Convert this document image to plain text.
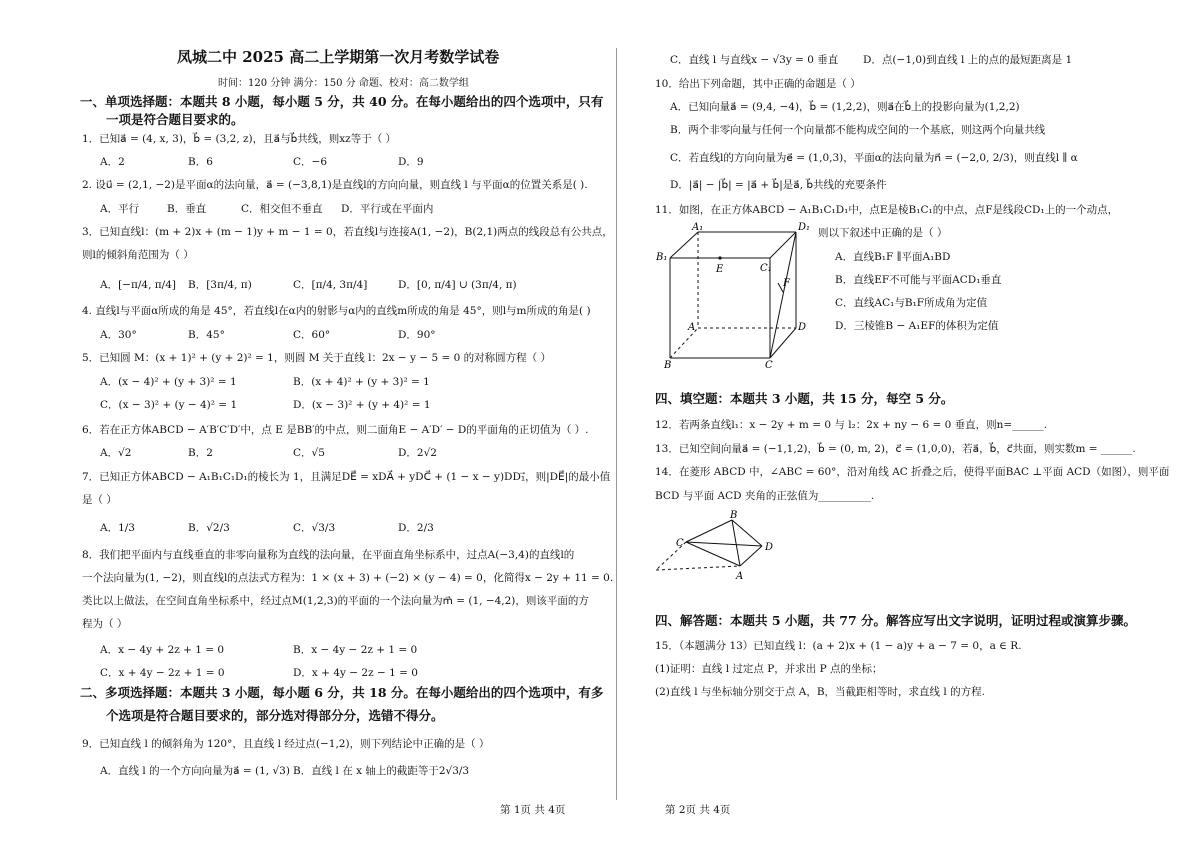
凤城二中 2025 高二上学期第一次月考数学试卷
时间：120 分钟 满分：150 分 命题、校对：高二数学组
一、单项选择题：本题共 8 小题，每小题 5 分，共 40 分。在每小题给出的四个选项中，只有
一项是符合题目要求的。
1．已知a⃗ = (4, x, 3)，b⃗ = (3,2, z)，且a⃗与b⃗共线，则xz等于（ ）
A．2	B．6	C．−6	D．9
2. 设u⃗ = (2,1, −2)是平面α的法向量，a⃗ = (−3,8,1)是直线l的方向向量，则直线 l 与平面α的位置关系是( ).
A．平行	B．垂直	C．相交但不垂直 D．平行或在平面内
3．已知直线l：(m + 2)x + (m − 1)y + m − 1 = 0，若直线l与连接A(1, −2)，B(2,1)两点的线段总有公共点，
则l的倾斜角范围为（ ）
A．[−π/4, π/4] B．[3π/4, π)	C．[π/4, 3π/4]	D．[0, π/4] ∪ (3π/4, π)
4. 直线l与平面α所成的角是 45°，若直线l在α内的射影与α内的直线m所成的角是 45°，则l与m所成的角是( )
A．30°	B．45°	C．60°	D．90°
5．已知圆 M：(x + 1)² + (y + 2)² = 1，则圆 M 关于直线 l：2x − y − 5 = 0 的对称圆方程（ ）
A．(x − 4)² + (y + 3)² = 1	B．(x + 4)² + (y + 3)² = 1
C．(x − 3)² + (y − 4)² = 1	D．(x − 3)² + (y + 4)² = 1
6．若在正方体ABCD − A′B′C′D′中，点 E 是BB′的中点，则二面角E − A′D′ − D的平面角的正切值为（ ）.
A．√2	B．2	C．√5	D．2√2
7．已知正方体ABCD − A₁B₁C₁D₁的棱长为 1，且满足DE⃗ = xDA⃗ + yDC⃗ + (1 − x − y)DD₁⃗，则|DE⃗|的最小值
是（ ）
A．1/3	B．√2/3	C．√3/3	D．2/3
8．我们把平面内与直线垂直的非零向量称为直线的法向量，在平面直角坐标系中，过点A(−3,4)的直线l的
一个法向量为(1, −2)，则直线l的点法式方程为：1 × (x + 3) + (−2) × (y − 4) = 0，化简得x − 2y + 11 = 0.
类比以上做法，在空间直角坐标系中，经过点M(1,2,3)的平面的一个法向量为m⃗ = (1, −4,2)，则该平面的方
程为（ ）
A．x − 4y + 2z + 1 = 0	B．x − 4y − 2z + 1 = 0
C．x + 4y − 2z + 1 = 0	D．x + 4y − 2z − 1 = 0
二、多项选择题：本题共 3 小题，每小题 6 分，共 18 分。在每小题给出的四个选项中，有多
个选项是符合题目要求的，部分选对得部分分，选错不得分。
9．已知直线 l 的倾斜角为 120°，且直线 l 经过点(−1,2)，则下列结论中正确的是（ ）
A．直线 l 的一个方向向量为a⃗ = (1, √3) B．直线 l 在 x 轴上的截距等于2√3/3
第 1页 共 4页
C．直线 l 与直线x − √3y = 0 垂直 D．点(−1,0)到直线 l 上的点的最短距离是 1
10．给出下列命题，其中正确的命题是（ ）
A．已知向量a⃗ = (9,4, −4)，b⃗ = (1,2,2)，则a⃗在b⃗上的投影向量为(1,2,2)
B．两个非零向量与任何一个向量都不能构成空间的一个基底，则这两个向量共线
C．若直线l的方向向量为e⃗ = (1,0,3)，平面α的法向量为n⃗ = (−2,0, 2/3)，则直线l ∥ α
D．|a⃗| − |b⃗| = |a⃗ + b⃗|是a⃗, b⃗共线的充要条件
11．如图，在正方体ABCD − A₁B₁C₁D₁中，点E是棱B₁C₁的中点，点F是线段CD₁上的一个动点，
则以下叙述中正确的是（ ）
A．直线B₁F ∥平面A₁BD
B．直线EF不可能与平面ACD₁垂直
C．直线AC₁与B₁F所成角为定值
D．三棱锥B − A₁EF的体积为定值
A₁	D₁
B₁
E	C₁
F
A	D
B	C
四、填空题：本题共 3 小题，共 15 分，每空 5 分。
12．若两条直线l₁：x − 2y + m = 0 与 l₂：2x + ny − 6 = 0 垂直，则n=______.
13．已知空间向量a⃗ = (−1,1,2)，b⃗ = (0, m, 2)，c⃗ = (1,0,0)，若a⃗，b⃗，c⃗共面，则实数m = ______.
14．在菱形 ABCD 中，∠ABC = 60°，沿对角线 AC 折叠之后，使得平面BAC ⊥平面 ACD（如图），则平面
BCD 与平面 ACD 夹角的正弦值为__________.
B
C	D
A
四、解答题：本题共 5 小题，共 77 分。解答应写出文字说明，证明过程或演算步骤。
15．（本题满分 13）已知直线 l：(a + 2)x + (1 − a)y + a − 7 = 0，a ∈ R.
(1)证明：直线 l 过定点 P，并求出 P 点的坐标；
(2)直线 l 与坐标轴分别交于点 A，B，当截距相等时，求直线 l 的方程.
第 2页 共 4页
